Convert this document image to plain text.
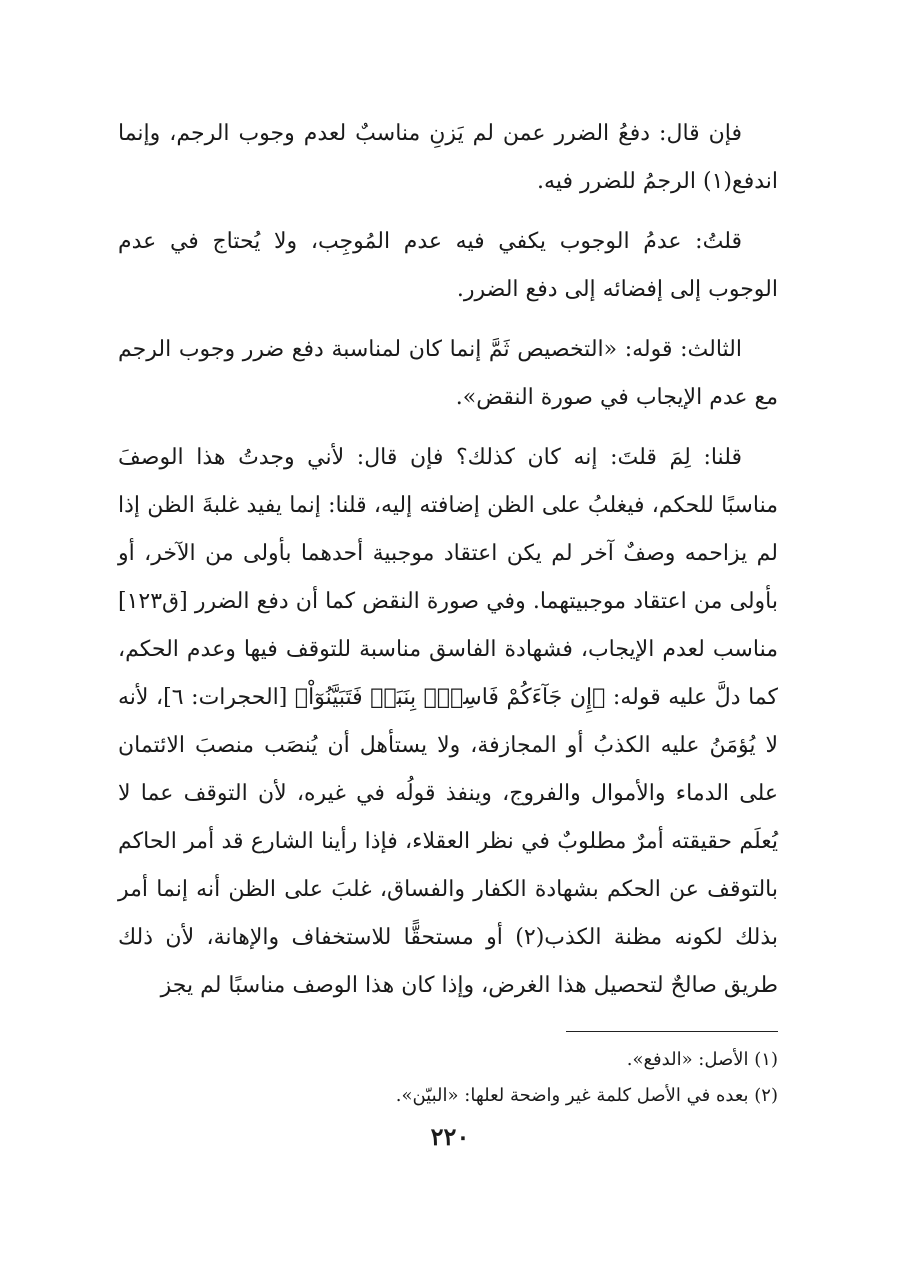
فإن قال: دفعُ الضرر عمن لم يَزنِ مناسبٌ لعدم وجوب الرجم، وإنما اندفع(١) الرجمُ للضرر فيه.

قلتُ: عدمُ الوجوب يكفي فيه عدم المُوجِب، ولا يُحتاج في عدم الوجوب إلى إفضائه إلى دفع الضرر.

الثالث: قوله: «التخصيص ثَمَّ إنما كان لمناسبة دفع ضرر وجوب الرجم مع عدم الإيجاب في صورة النقض».

قلنا: لِمَ قلتَ: إنه كان كذلك؟ فإن قال: لأني وجدتُ هذا الوصفَ مناسبًا للحكم، فيغلبُ على الظن إضافته إليه، قلنا: إنما يفيد غلبةَ الظن إذا لم يزاحمه وصفٌ آخر لم يكن اعتقاد موجبية أحدهما بأولى من الآخر، أو بأولى من اعتقاد موجبيتهما. وفي صورة النقض كما أن دفع الضرر [ق١٢٣] مناسب لعدم الإيجاب، فشهادة الفاسق مناسبة للتوقف فيها وعدم الحكم، كما دلَّ عليه قوله: ﴿إِن جَآءَكُمْ فَاسِقُۢ بِنَبَإٖ فَتَبَيَّنُوٓاْ﴾ [الحجرات: ٦]، لأنه لا يُؤمَنُ عليه الكذبُ أو المجازفة، ولا يستأهل أن يُنصَب منصبَ الائتمان على الدماء والأموال والفروج، وينفذ قولُه في غيره، لأن التوقف عما لا يُعلَم حقيقته أمرٌ مطلوبٌ في نظر العقلاء، فإذا رأينا الشارع قد أمر الحاكم بالتوقف عن الحكم بشهادة الكفار والفساق، غلبَ على الظن أنه إنما أمر بذلك لكونه مظنة الكذب(٢) أو مستحقًّا للاستخفاف والإهانة، لأن ذلك طريق صالحٌ لتحصيل هذا الغرض، وإذا كان هذا الوصف مناسبًا لم يجز

(١) الأصل: «الدفع».

(٢) بعده في الأصل كلمة غير واضحة لعلها: «البيّن».

٢٢٠
